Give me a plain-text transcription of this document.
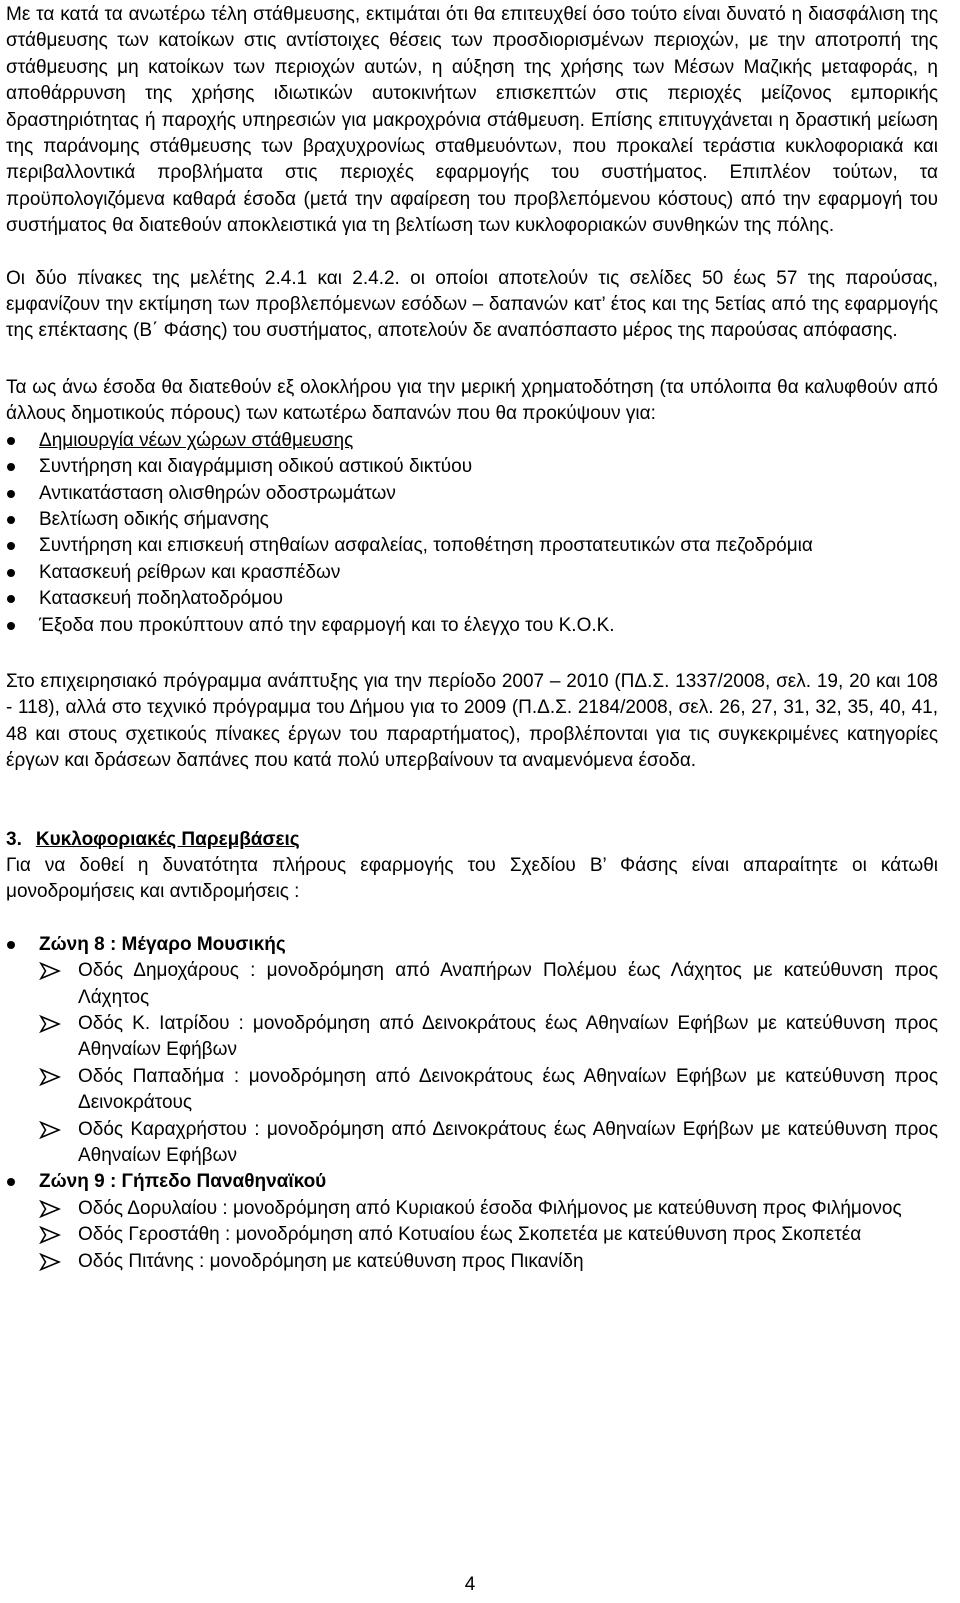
Με τα κατά τα ανωτέρω τέλη στάθμευσης, εκτιμάται ότι θα επιτευχθεί όσο τούτο είναι δυνατό η διασφάλιση της στάθμευσης των κατοίκων στις αντίστοιχες θέσεις των προσδιορισμένων περιοχών, με την αποτροπή της στάθμευσης μη κατοίκων των περιοχών αυτών, η αύξηση της χρήσης των Μέσων Μαζικής μεταφοράς, η αποθάρρυνση της χρήσης ιδιωτικών αυτοκινήτων επισκεπτών στις περιοχές μείζονος εμπορικής δραστηριότητας ή παροχής υπηρεσιών για μακροχρόνια στάθμευση. Επίσης επιτυγχάνεται η δραστική μείωση της παράνομης στάθμευσης των βραχυχρονίως σταθμευόντων, που προκαλεί τεράστια κυκλοφοριακά και περιβαλλοντικά προβλήματα στις περιοχές εφαρμογής του συστήματος. Επιπλέον τούτων, τα προϋπολογιζόμενα καθαρά έσοδα (μετά την αφαίρεση του προβλεπόμενου κόστους) από την εφαρμογή του συστήματος θα διατεθούν αποκλειστικά για τη βελτίωση των κυκλοφοριακών συνθηκών της πόλης.

Οι δύο πίνακες της μελέτης 2.4.1 και 2.4.2. οι οποίοι αποτελούν τις σελίδες 50 έως 57 της παρούσας, εμφανίζουν την εκτίμηση των προβλεπόμενων εσόδων – δαπανών κατ’ έτος και της 5ετίας από της εφαρμογής της επέκτασης (Β΄ Φάσης) του συστήματος, αποτελούν δε αναπόσπαστο μέρος της παρούσας απόφασης.

Τα ως άνω έσοδα θα διατεθούν εξ ολοκλήρου για την μερική χρηματοδότηση (τα υπόλοιπα θα καλυφθούν από άλλους δημοτικούς πόρους) των κατωτέρω δαπανών που θα προκύψουν για:

Δημιουργία νέων χώρων στάθμευσης
Συντήρηση και διαγράμμιση οδικού αστικού δικτύου
Αντικατάσταση ολισθηρών οδοστρωμάτων
Βελτίωση οδικής σήμανσης
Συντήρηση και επισκευή στηθαίων ασφαλείας, τοποθέτηση προστατευτικών στα πεζοδρόμια
Κατασκευή ρείθρων και κρασπέδων
Κατασκευή ποδηλατοδρόμου
Έξοδα που προκύπτουν από την εφαρμογή και το έλεγχο του Κ.Ο.Κ.

Στο επιχειρησιακό πρόγραμμα ανάπτυξης για την περίοδο 2007 – 2010 (ΠΔ.Σ. 1337/2008, σελ. 19, 20 και 108 - 118), αλλά στο τεχνικό πρόγραμμα του Δήμου για το 2009 (Π.Δ.Σ. 2184/2008, σελ. 26, 27, 31, 32, 35, 40, 41, 48 και στους σχετικούς πίνακες έργων του παραρτήματος), προβλέπονται για τις συγκεκριμένες κατηγορίες έργων και δράσεων δαπάνες που κατά πολύ υπερβαίνουν τα αναμενόμενα έσοδα.

3. Κυκλοφοριακές Παρεμβάσεις

Για να δοθεί η δυνατότητα πλήρους εφαρμογής του Σχεδίου Β’ Φάσης είναι απαραίτητε οι κάτωθι μονοδρομήσεις και αντιδρομήσεις :

Ζώνη 8 : Μέγαρο Μουσικής
Οδός Δημοχάρους : μονοδρόμηση από Αναπήρων Πολέμου έως Λάχητος με κατεύθυνση προς Λάχητος
Οδός Κ. Ιατρίδου : μονοδρόμηση από Δεινοκράτους έως Αθηναίων Εφήβων με κατεύθυνση προς Αθηναίων Εφήβων
Οδός Παπαδήμα : μονοδρόμηση από Δεινοκράτους έως Αθηναίων Εφήβων με κατεύθυνση προς Δεινοκράτους
Οδός Καραχρήστου : μονοδρόμηση από Δεινοκράτους έως Αθηναίων Εφήβων με κατεύθυνση προς Αθηναίων Εφήβων
Ζώνη 9 : Γήπεδο Παναθηναϊκού
Οδός Δορυλαίου : μονοδρόμηση από Κυριακού έσοδα Φιλήμονος με κατεύθυνση προς Φιλήμονος
Οδός Γεροστάθη : μονοδρόμηση από Κοτυαίου έως Σκοπετέα με κατεύθυνση προς Σκοπετέα
Οδός Πιτάνης : μονοδρόμηση με κατεύθυνση προς Πικανίδη
4
